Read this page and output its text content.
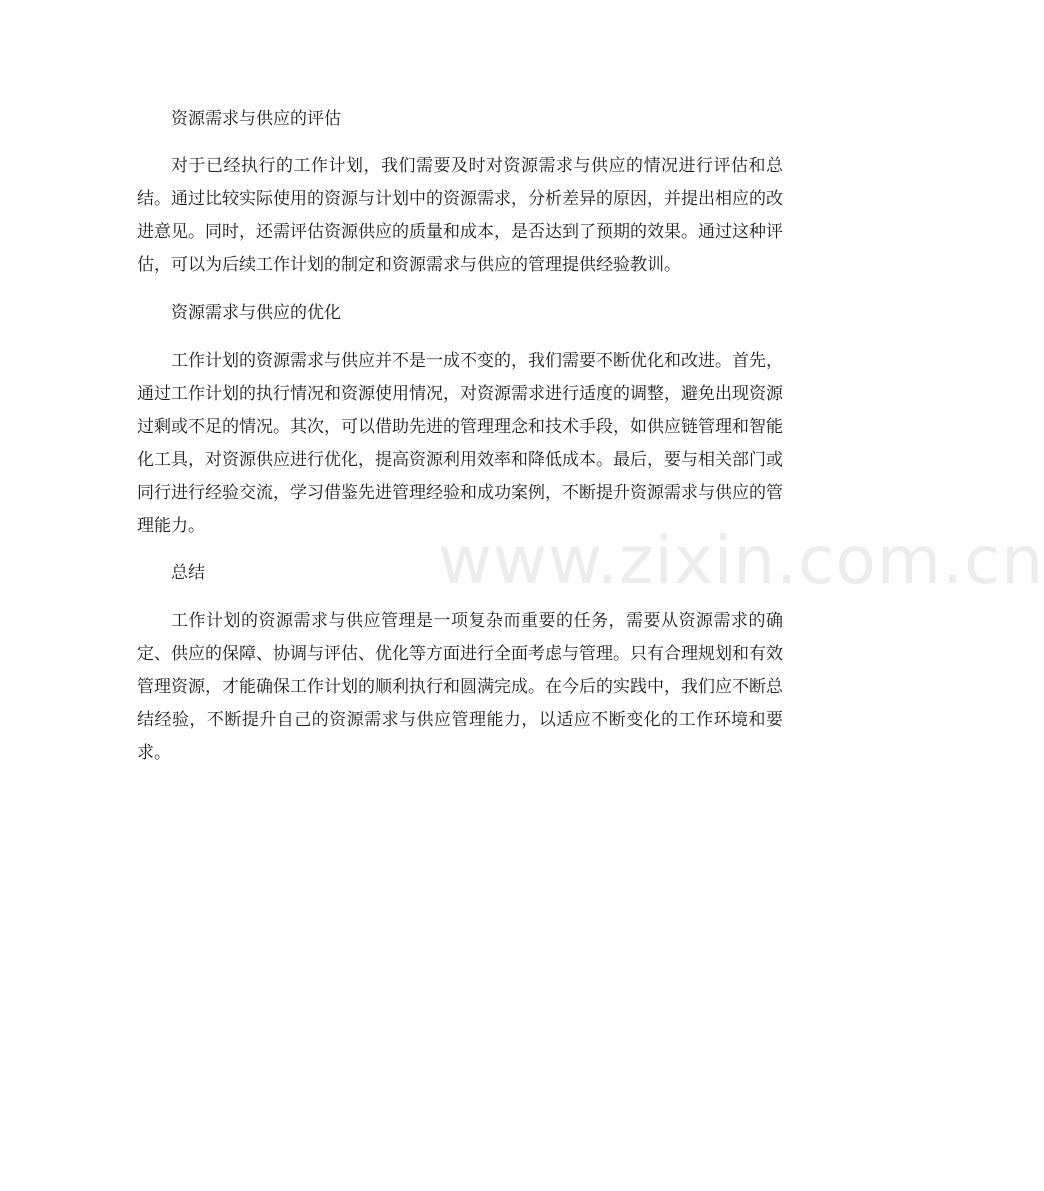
资源需求与供应的评估

对于已经执行的工作计划，我们需要及时对资源需求与供应的情况进行评估和总结。通过比较实际使用的资源与计划中的资源需求，分析差异的原因，并提出相应的改进意见。同时，还需评估资源供应的质量和成本，是否达到了预期的效果。通过这种评估，可以为后续工作计划的制定和资源需求与供应的管理提供经验教训。

资源需求与供应的优化

工作计划的资源需求与供应并不是一成不变的，我们需要不断优化和改进。首先，通过工作计划的执行情况和资源使用情况，对资源需求进行适度的调整，避免出现资源过剩或不足的情况。其次，可以借助先进的管理理念和技术手段，如供应链管理和智能化工具，对资源供应进行优化，提高资源利用效率和降低成本。最后，要与相关部门或同行进行经验交流，学习借鉴先进管理经验和成功案例，不断提升资源需求与供应的管理能力。

总结

工作计划的资源需求与供应管理是一项复杂而重要的任务，需要从资源需求的确定、供应的保障、协调与评估、优化等方面进行全面考虑与管理。只有合理规划和有效管理资源，才能确保工作计划的顺利执行和圆满完成。在今后的实践中，我们应不断总结经验，不断提升自己的资源需求与供应管理能力，以适应不断变化的工作环境和要求。

www.zixin.com.cn
